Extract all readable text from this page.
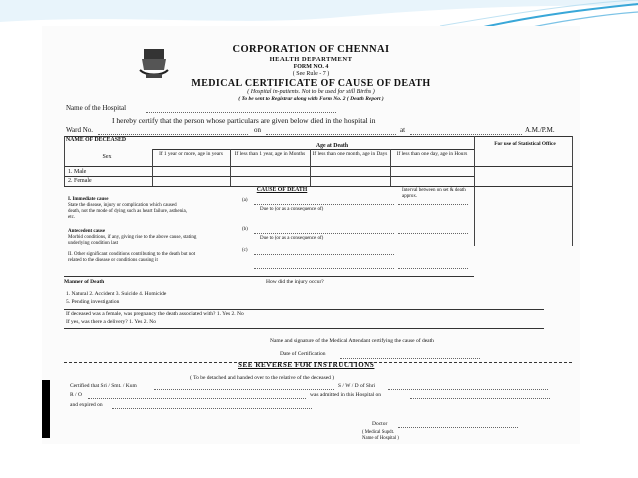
CORPORATION OF CHENNAI
HEALTH DEPARTMENT
FORM NO. 4
( See Rule - 7 )
MEDICAL CERTIFICATE OF CAUSE OF DEATH
( Hospital in-patients. Not to be used for still Births )
( To be sent to Registrar along with Form No. 2 ( Death Report )
Name of the Hospital
I hereby certify that the person whose particulars are given below died in the hospital in
Ward No.	on	at	A.M./P.M.
NAME OF DECEASED
Age at Death	For use of Statistical Office
Sex	If 1 year or more, age in years	If less than 1 year, age in Months	If less than one month, age in Days	If less than one day, age in Hours
1. Male
2. Female
CAUSE OF DEATH	Interval between on set & death approx.
I. Immediate cause
State the disease, injury or complication which caused death, not the mode of dying such as heart failure, asthenia, etc.
(a)
Due to (or as a consequence of)
Antecedent cause
Morbid conditions, if any, giving rise to the above cause, stating underlying condition last
(b)
Due to (or as a consequence of)
(c)
II. Other significant conditions contributing to the death but not related to the disease or conditions causing it
Manner of Death	How did the injury occur?
1. Natural 2. Accident 3. Suicide 4. Homicide
5. Pending investigation
If deceased was a female, was pregnancy the death associated with? 1. Yes 2. No
If yes, was there a delivery? 1. Yes 2. No
Name and signature of the Medical Attendant certifying the cause of death
Date of Certification
SEE REVERSE FOR INSTRUCTIONS
( To be detached and handed over to the relative of the deceased )
Certified that Sri / Smt. / Kum	S / W / D of Shri
R / O	was admitted in this Hospital on
and expired on
Doctor
( Medical Supdt.
Name of Hospital )
